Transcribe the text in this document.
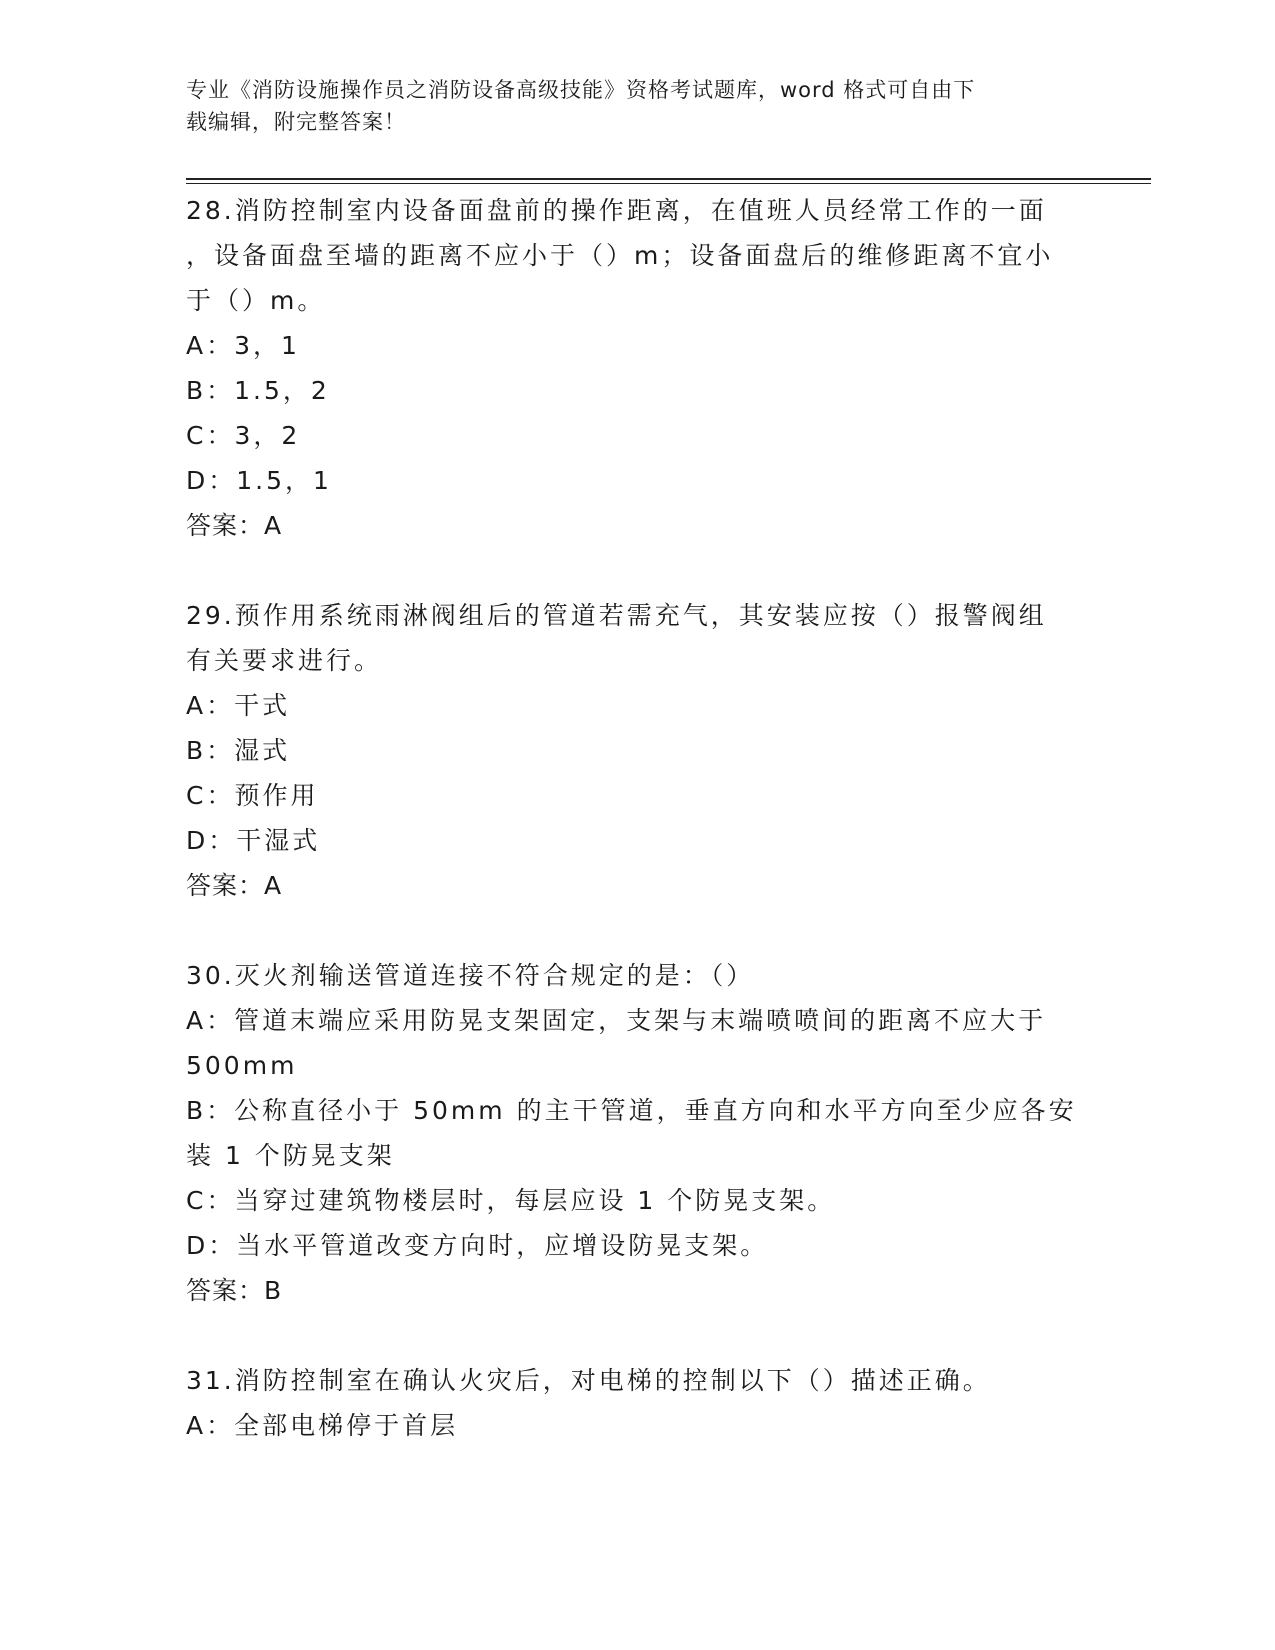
专业《消防设施操作员之消防设备高级技能》资格考试题库，word 格式可自由下
载编辑，附完整答案！

28.消防控制室内设备面盘前的操作距离，在值班人员经常工作的一面

，设备面盘至墙的距离不应小于（）m；设备面盘后的维修距离不宜小

于（）m。

A：3，1

B：1.5，2

C：3，2

D：1.5，1

答案：A

29.预作用系统雨淋阀组后的管道若需充气，其安装应按（）报警阀组

有关要求进行。

A：干式

B：湿式

C：预作用

D：干湿式

答案：A

30.灭火剂输送管道连接不符合规定的是：（）

A：管道末端应采用防晃支架固定，支架与末端喷喷间的距离不应大于

500mm

B：公称直径小于 50mm 的主干管道，垂直方向和水平方向至少应各安

装 1 个防晃支架

C：当穿过建筑物楼层时，每层应设 1 个防晃支架。

D：当水平管道改变方向时，应增设防晃支架。

答案：B

31.消防控制室在确认火灾后，对电梯的控制以下（）描述正确。

A：全部电梯停于首层
